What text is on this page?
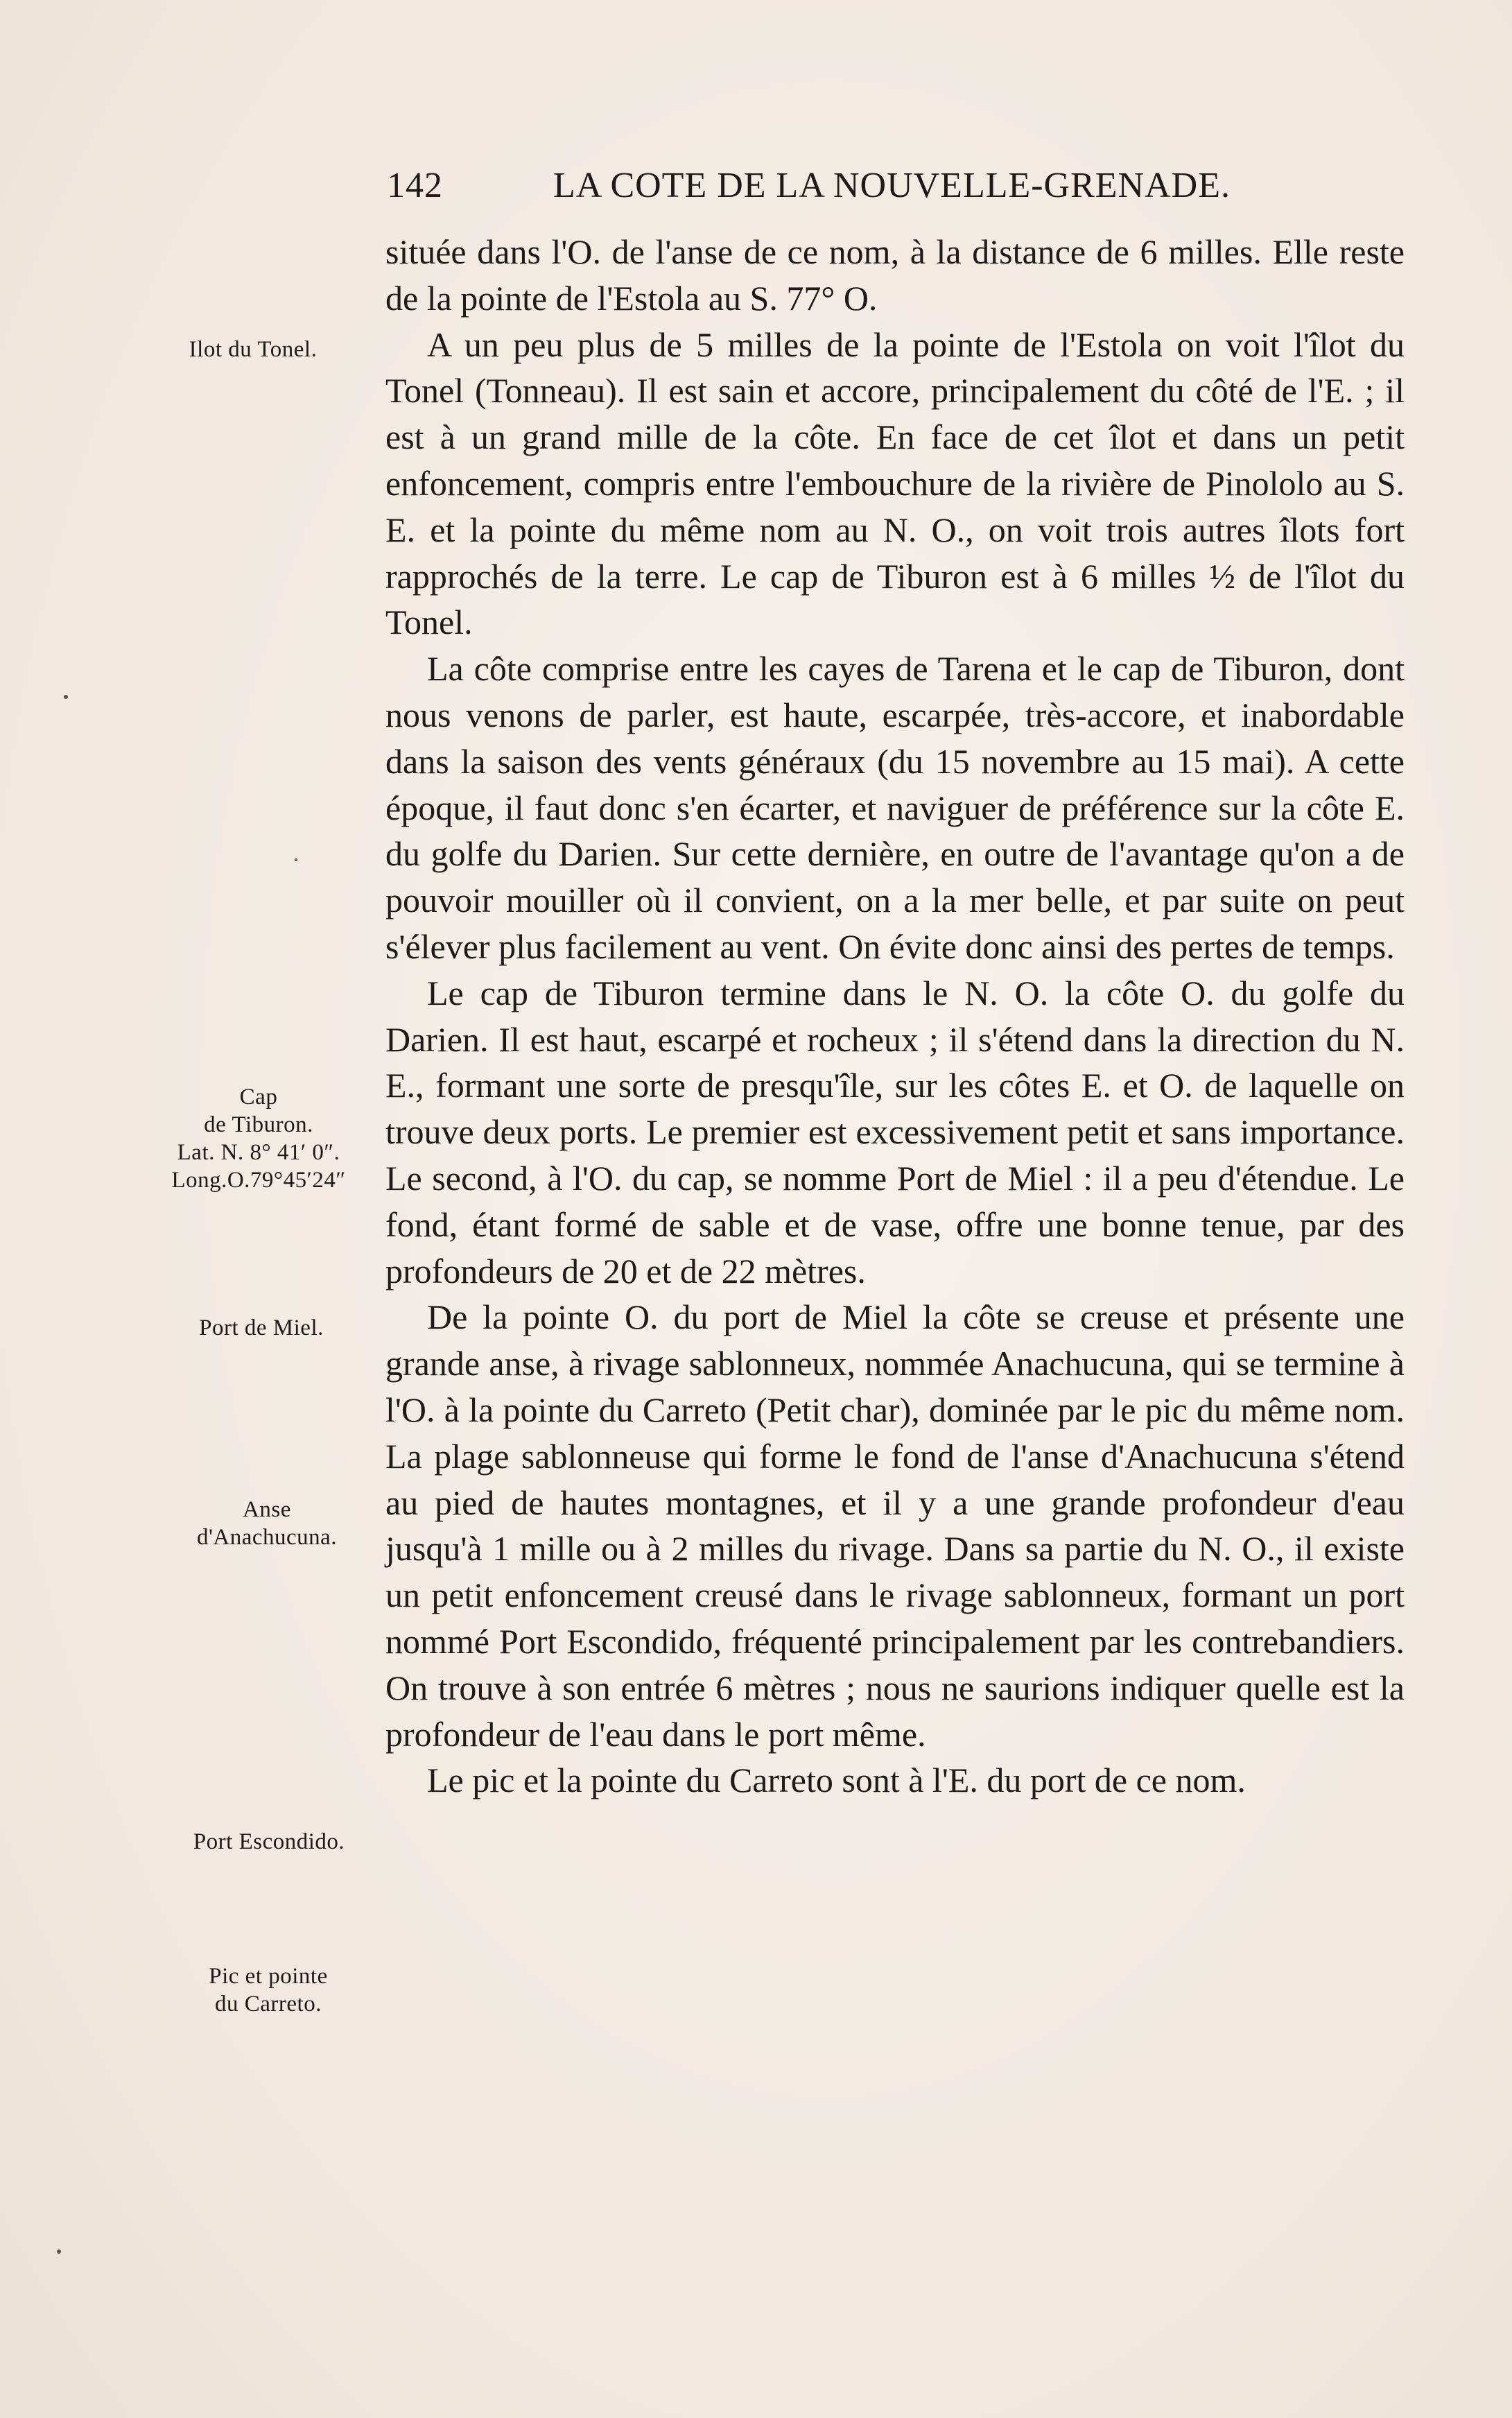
142	LA COTE DE LA NOUVELLE-GRENADE.
Ilot du Tonel.
Cap
de Tiburon.
Lat. N. 8° 41′ 0″.
Long.O.79°45′24″
Port de Miel.
Anse
d'Anachucuna.
Port Escondido.
Pic et pointe
du Carreto.

située dans l'O. de l'anse de ce nom, à la distance de 6 milles. Elle reste de la pointe de l'Estola au S. 77° O.

A un peu plus de 5 milles de la pointe de l'Estola on voit l'îlot du Tonel (Tonneau). Il est sain et accore, principalement du côté de l'E. ; il est à un grand mille de la côte. En face de cet îlot et dans un petit enfoncement, compris entre l'embouchure de la rivière de Pinololo au S. E. et la pointe du même nom au N. O., on voit trois autres îlots fort rapprochés de la terre. Le cap de Tiburon est à 6 milles ½ de l'îlot du Tonel.

La côte comprise entre les cayes de Tarena et le cap de Tiburon, dont nous venons de parler, est haute, escarpée, très-accore, et inabordable dans la saison des vents généraux (du 15 novembre au 15 mai). A cette époque, il faut donc s'en écarter, et naviguer de préférence sur la côte E. du golfe du Darien. Sur cette dernière, en outre de l'avantage qu'on a de pouvoir mouiller où il convient, on a la mer belle, et par suite on peut s'élever plus facilement au vent. On évite donc ainsi des pertes de temps.

Le cap de Tiburon termine dans le N. O. la côte O. du golfe du Darien. Il est haut, escarpé et rocheux ; il s'étend dans la direction du N. E., formant une sorte de presqu'île, sur les côtes E. et O. de laquelle on trouve deux ports. Le premier est excessivement petit et sans importance. Le second, à l'O. du cap, se nomme Port de Miel : il a peu d'étendue. Le fond, étant formé de sable et de vase, offre une bonne tenue, par des profondeurs de 20 et de 22 mètres.

De la pointe O. du port de Miel la côte se creuse et présente une grande anse, à rivage sablonneux, nommée Anachucuna, qui se termine à l'O. à la pointe du Carreto (Petit char), dominée par le pic du même nom. La plage sablonneuse qui forme le fond de l'anse d'Anachucuna s'étend au pied de hautes montagnes, et il y a une grande profondeur d'eau jusqu'à 1 mille ou à 2 milles du rivage. Dans sa partie du N. O., il existe un petit enfoncement creusé dans le rivage sablonneux, formant un port nommé Port Escondido, fréquenté principalement par les contrebandiers. On trouve à son entrée 6 mètres ; nous ne saurions indiquer quelle est la profondeur de l'eau dans le port même.

Le pic et la pointe du Carreto sont à l'E. du port de ce nom.
